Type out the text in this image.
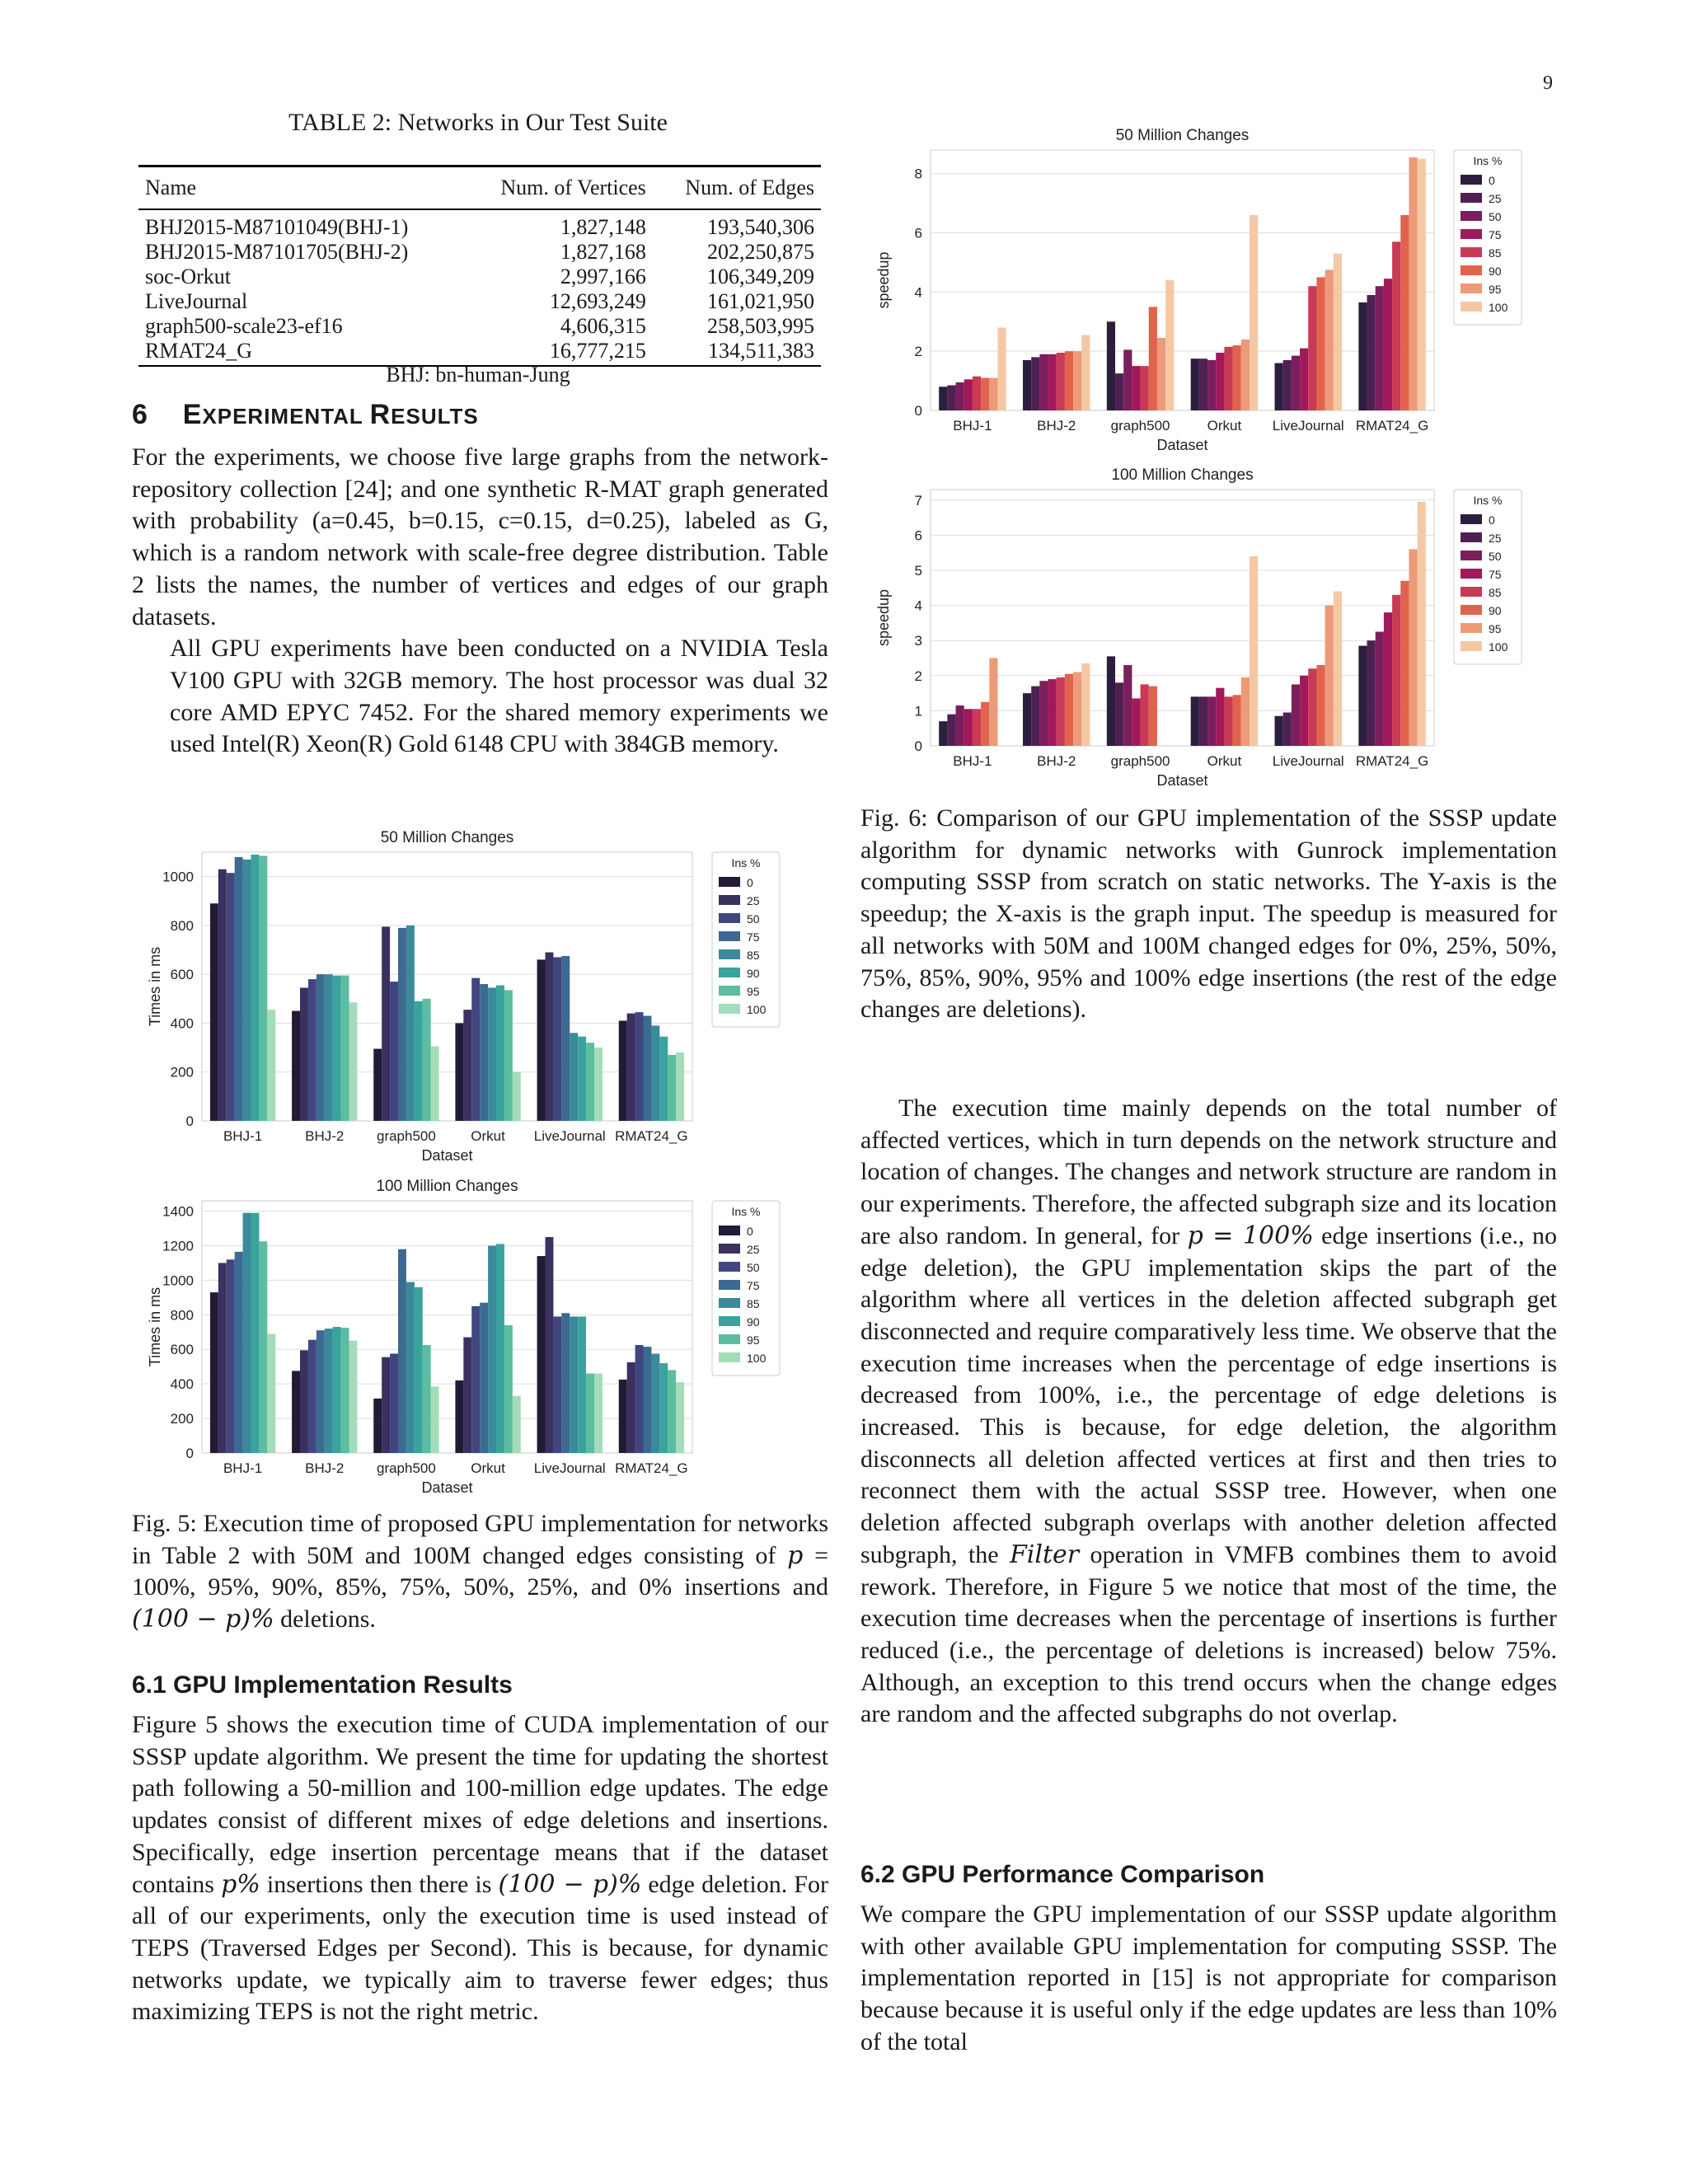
9
TABLE 2: Networks in Our Test Suite
Name	Num. of Vertices	Num. of Edges
BHJ2015-M87101049(BHJ-1)	1,827,148	193,540,306
BHJ2015-M87101705(BHJ-2)	1,827,168	202,250,875
soc-Orkut	2,997,166	106,349,209
LiveJournal	12,693,249	161,021,950
graph500-scale23-ef16	4,606,315	258,503,995
RMAT24_G	16,777,215	134,511,383
BHJ: bn-human-Jung
6 EXPERIMENTAL RESULTS
For the experiments, we choose five large graphs from the network-repository collection [24]; and one synthetic R-MAT graph generated with probability (a=0.45, b=0.15, c=0.15, d=0.25), labeled as G, which is a random network with scale-free degree distribution. Table 2 lists the names, the number of vertices and edges of our graph datasets.
All GPU experiments have been conducted on a NVIDIA Tesla V100 GPU with 32GB memory. The host processor was dual 32 core AMD EPYC 7452. For the shared memory experiments we used Intel(R) Xeon(R) Gold 6148 CPU with 384GB memory.
50 Million Changes
0
200
400
600
800
1000
BHJ-1	BHJ-2 graph500 Orkut LiveJournal RMAT24_G
Dataset
Times in ms
Ins %
0
25
50
75
85
90
95
100
100 Million Changes
0
200
400
600
800
1000
1200
1400
BHJ-1	BHJ-2 graph500 Orkut LiveJournal RMAT24_G
Dataset
Times in ms
Ins %
0
25
50
75
85
90
95
100
Fig. 5: Execution time of proposed GPU implementation for networks in Table 2 with 50M and 100M changed edges consisting of p = 100%, 95%, 90%, 85%, 75%, 50%, 25%, and 0% insertions and (100 − p)% deletions.
6.1 GPU Implementation Results
Figure 5 shows the execution time of CUDA implementation of our SSSP update algorithm. We present the time for updating the shortest path following a 50-million and 100-million edge updates. The edge updates consist of different mixes of edge deletions and insertions. Specifically, edge insertion percentage means that if the dataset contains p% insertions then there is (100 − p)% edge deletion. For all of our experiments, only the execution time is used instead of TEPS (Traversed Edges per Second). This is because, for dynamic networks update, we typically aim to traverse fewer edges; thus maximizing TEPS is not the right metric.
50 Million Changes
0
2
4
6
8
BHJ-1	BHJ-2 graph500	Orkut LiveJournal RMAT24_G
Dataset
speedup
Ins %
0
25
50
75
85
90
95
100
100 Million Changes
0
1
2
3
4
5
6
7
BHJ-1	BHJ-2 graph500	Orkut LiveJournal RMAT24_G
Dataset
speedup
Ins %
0
25
50
75
85
90
95
100
Fig. 6: Comparison of our GPU implementation of the SSSP update algorithm for dynamic networks with Gunrock implementation computing SSSP from scratch on static networks. The Y-axis is the speedup; the X-axis is the graph input. The speedup is measured for all networks with 50M and 100M changed edges for 0%, 25%, 50%, 75%, 85%, 90%, 95% and 100% edge insertions (the rest of the edge changes are deletions).
The execution time mainly depends on the total number of affected vertices, which in turn depends on the network structure and location of changes. The changes and network structure are random in our experiments. Therefore, the affected subgraph size and its location are also random. In general, for p = 100% edge insertions (i.e., no edge deletion), the GPU implementation skips the part of the algorithm where all vertices in the deletion affected subgraph get disconnected and require comparatively less time. We observe that the execution time increases when the percentage of edge insertions is decreased from 100%, i.e., the percentage of edge deletions is increased. This is because, for edge deletion, the algorithm disconnects all deletion affected vertices at first and then tries to reconnect them with the actual SSSP tree. However, when one deletion affected subgraph overlaps with another deletion affected subgraph, the Filter operation in VMFB combines them to avoid rework. Therefore, in Figure 5 we notice that most of the time, the execution time decreases when the percentage of insertions is further reduced (i.e., the percentage of deletions is increased) below 75%. Although, an exception to this trend occurs when the change edges are random and the affected subgraphs do not overlap.
6.2 GPU Performance Comparison
We compare the GPU implementation of our SSSP update algorithm with other available GPU implementation for computing SSSP. The implementation reported in [15] is not appropriate for comparison because because it is useful only if the edge updates are less than 10% of the total
